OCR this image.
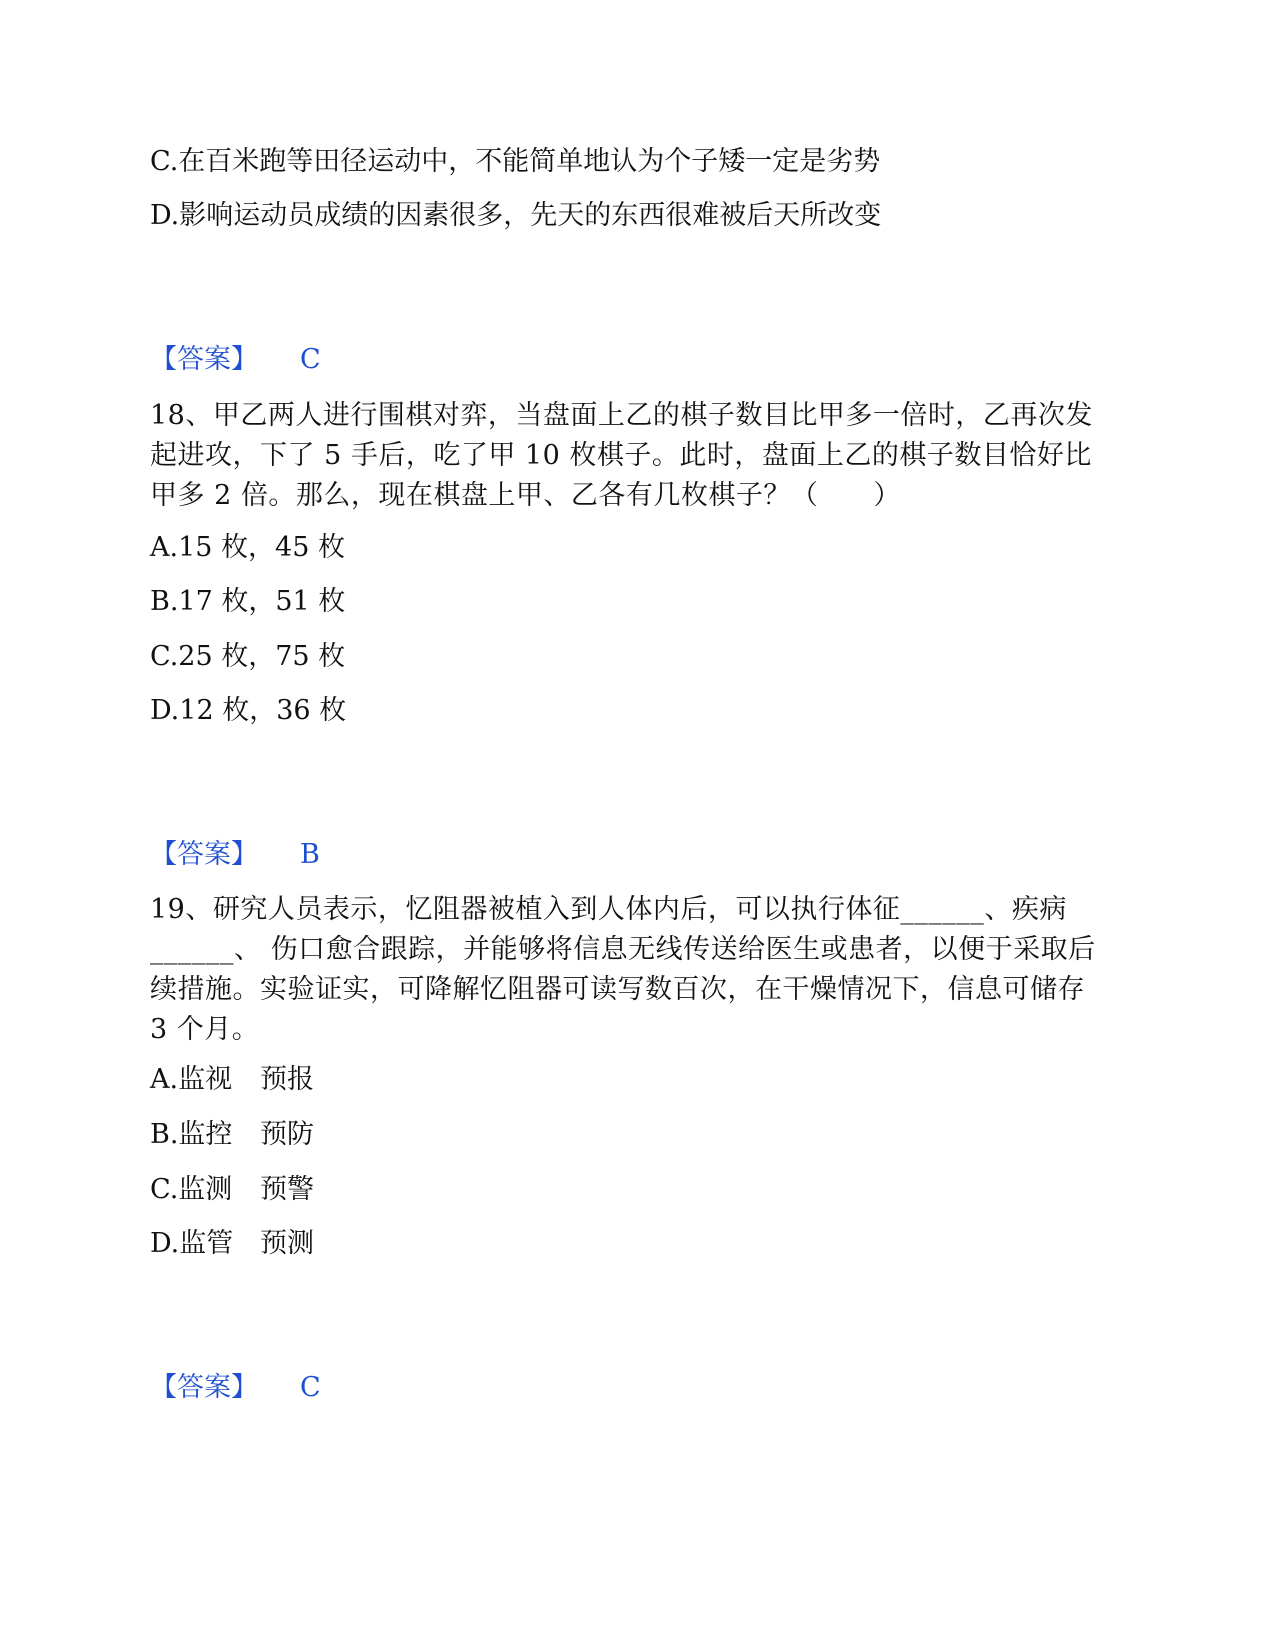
C.在百米跑等田径运动中，不能简单地认为个子矮一定是劣势

D.影响运动员成绩的因素很多，先天的东西很难被后天所改变

【答案】 C

18、甲乙两人进行围棋对弈，当盘面上乙的棋子数目比甲多一倍时，乙再次发起进攻，下了 5 手后，吃了甲 10 枚棋子。此时，盘面上乙的棋子数目恰好比甲多 2 倍。那么，现在棋盘上甲、乙各有几枚棋子？（　　）

A.15 枚，45 枚

B.17 枚，51 枚

C.25 枚，75 枚

D.12 枚，36 枚

【答案】 B

19、研究人员表示，忆阻器被植入到人体内后，可以执行体征______、疾病______、 伤口愈合跟踪，并能够将信息无线传送给医生或患者，以便于采取后续措施。实验证实，可降解忆阻器可读写数百次，在干燥情况下，信息可储存 3 个月。

A.监视 预报

B.监控 预防

C.监测 预警

D.监管 预测

【答案】 C
